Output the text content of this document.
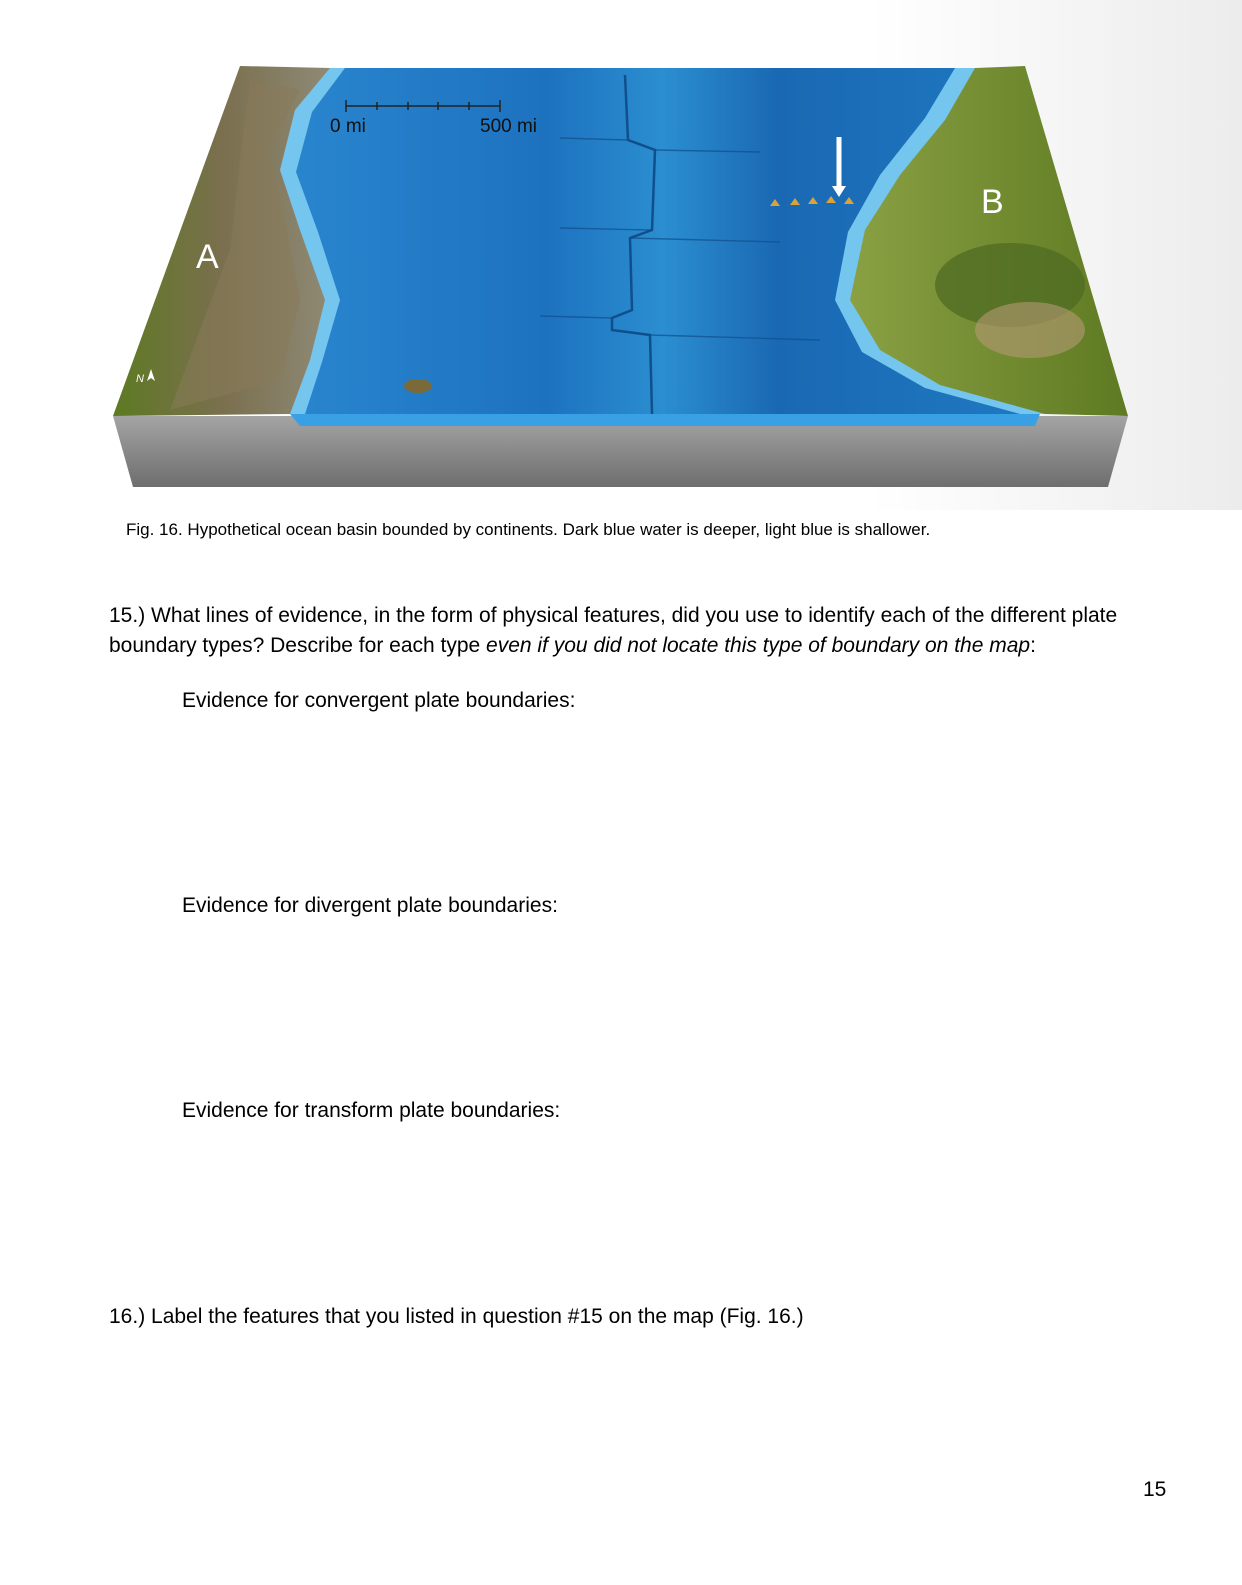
0 mi	500 mi
A
B
N
Fig. 16. Hypothetical ocean basin bounded by continents. Dark blue water is deeper, light blue is shallower.
15.) What lines of evidence, in the form of physical features, did you use to identify each of the different plate boundary types? Describe for each type even if you did not locate this type of boundary on the map:
Evidence for convergent plate boundaries:
Evidence for divergent plate boundaries:
Evidence for transform plate boundaries:
16.) Label the features that you listed in question #15 on the map (Fig. 16.)
15
